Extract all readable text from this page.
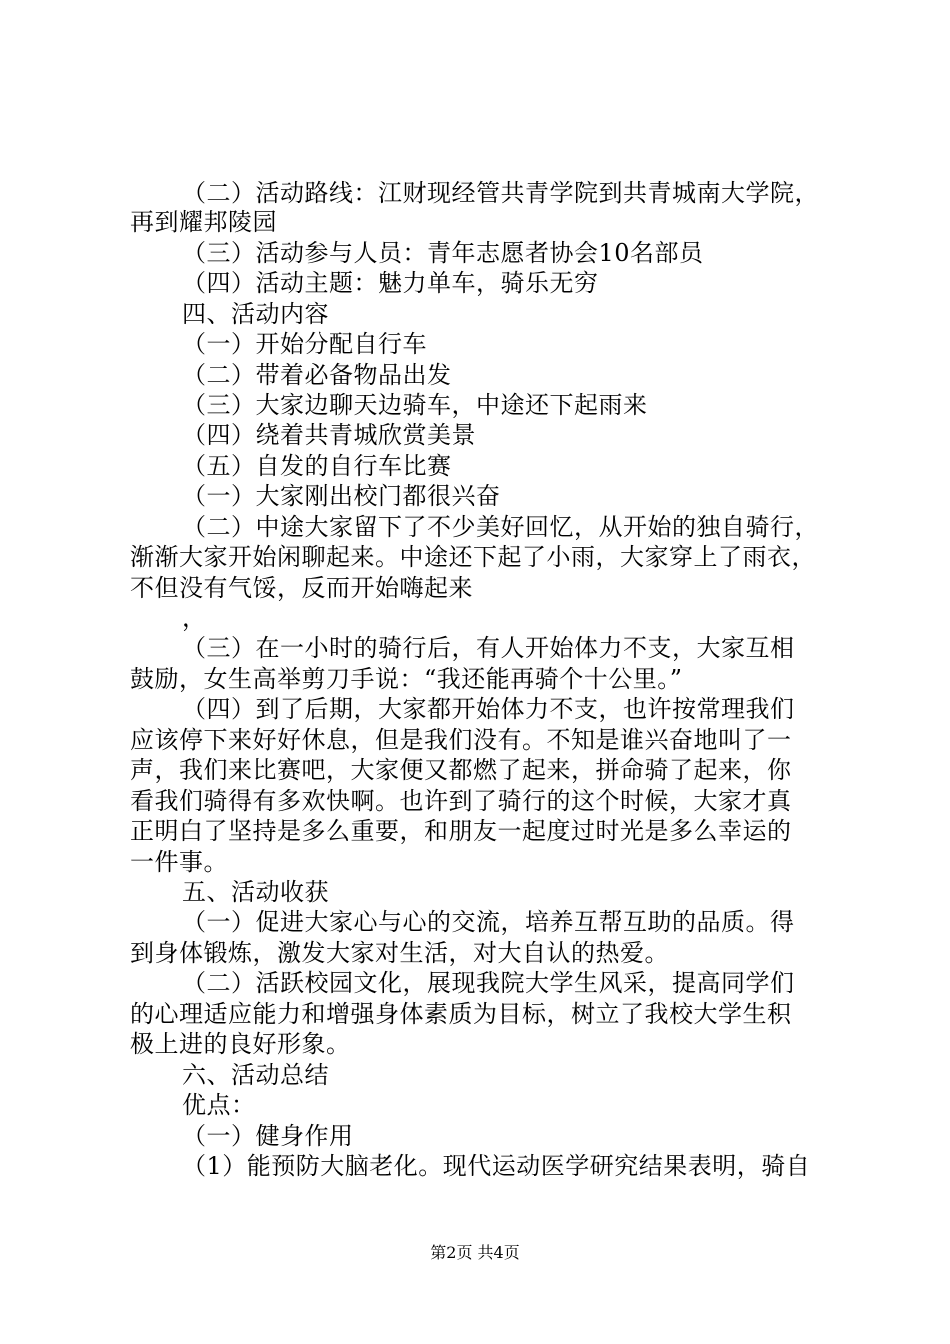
（二）活动路线：江财现经管共青学院到共青城南大学院，
再到耀邦陵园
（三）活动参与人员：青年志愿者协会10名部员
（四）活动主题：魅力单车，骑乐无穷
四、活动内容
（一）开始分配自行车
（二）带着必备物品出发
（三）大家边聊天边骑车，中途还下起雨来
（四）绕着共青城欣赏美景
（五）自发的自行车比赛
（一）大家刚出校门都很兴奋
（二）中途大家留下了不少美好回忆，从开始的独自骑行，
渐渐大家开始闲聊起来。中途还下起了小雨，大家穿上了雨衣，
不但没有气馁，反而开始嗨起来
，
（三）在一小时的骑行后，有人开始体力不支，大家互相
鼓励，女生高举剪刀手说：“我还能再骑个十公里。”
（四）到了后期，大家都开始体力不支，也许按常理我们
应该停下来好好休息，但是我们没有。不知是谁兴奋地叫了一
声，我们来比赛吧，大家便又都燃了起来，拼命骑了起来，你
看我们骑得有多欢快啊。也许到了骑行的这个时候，大家才真
正明白了坚持是多么重要，和朋友一起度过时光是多么幸运的
一件事。
五、活动收获
（一）促进大家心与心的交流，培养互帮互助的品质。得
到身体锻炼，激发大家对生活，对大自认的热爱。
（二）活跃校园文化，展现我院大学生风采，提高同学们
的心理适应能力和增强身体素质为目标，树立了我校大学生积
极上进的良好形象。
六、活动总结
优点：
（一）健身作用
（1）能预防大脑老化。现代运动医学研究结果表明，骑自
第2页 共4页
